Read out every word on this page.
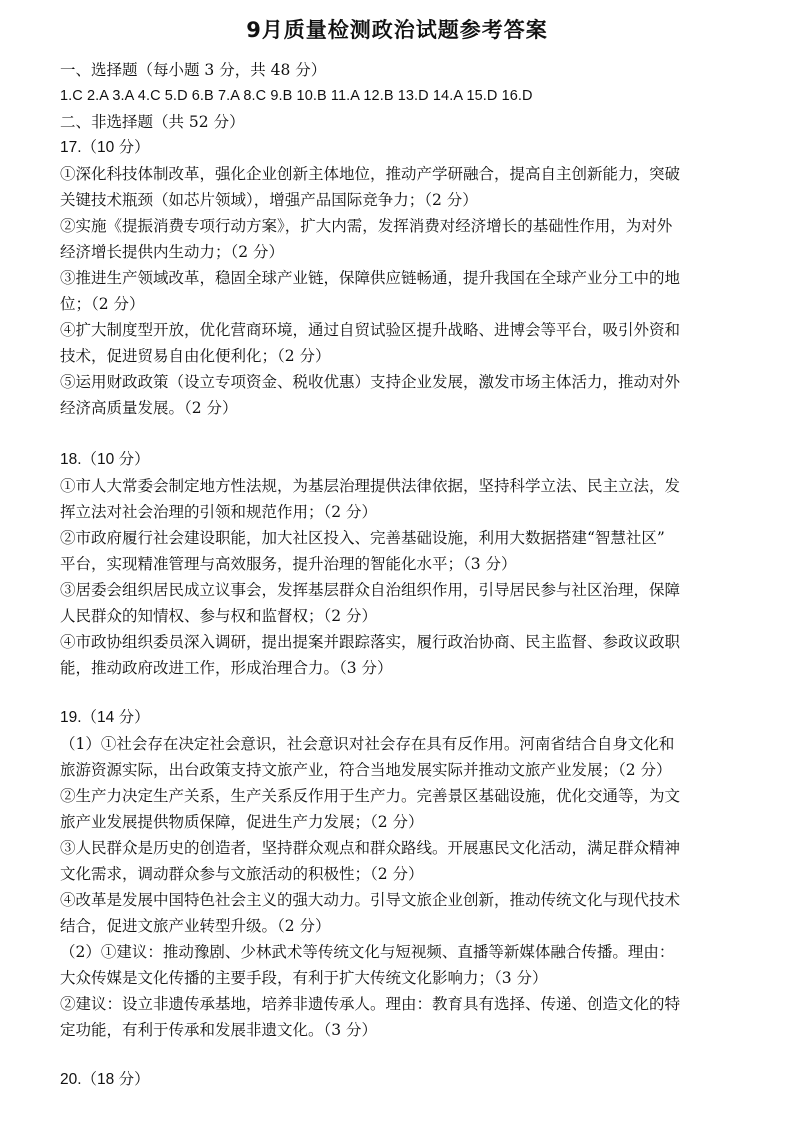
9月质量检测政治试题参考答案
一、选择题（每小题 3 分，共 48 分）
1.C 2.A 3.A 4.C 5.D 6.B 7.A 8.C 9.B 10.B 11.A 12.B 13.D 14.A 15.D 16.D
二、非选择题（共 52 分）
17.（10 分）
①深化科技体制改革，强化企业创新主体地位，推动产学研融合，提高自主创新能力，突破
关键技术瓶颈（如芯片领域），增强产品国际竞争力；（2 分）
②实施《提振消费专项行动方案》，扩大内需，发挥消费对经济增长的基础性作用，为对外
经济增长提供内生动力；（2 分）
③推进生产领域改革，稳固全球产业链，保障供应链畅通，提升我国在全球产业分工中的地
位；（2 分）
④扩大制度型开放，优化营商环境，通过自贸试验区提升战略、进博会等平台，吸引外资和
技术，促进贸易自由化便利化；（2 分）
⑤运用财政政策（设立专项资金、税收优惠）支持企业发展，激发市场主体活力，推动对外
经济高质量发展。（2 分）
18.（10 分）
①市人大常委会制定地方性法规，为基层治理提供法律依据，坚持科学立法、民主立法，发
挥立法对社会治理的引领和规范作用；（2 分）
②市政府履行社会建设职能，加大社区投入、完善基础设施，利用大数据搭建“智慧社区”
平台，实现精准管理与高效服务，提升治理的智能化水平；（3 分）
③居委会组织居民成立议事会，发挥基层群众自治组织作用，引导居民参与社区治理，保障
人民群众的知情权、参与权和监督权；（2 分）
④市政协组织委员深入调研，提出提案并跟踪落实，履行政治协商、民主监督、参政议政职
能，推动政府改进工作，形成治理合力。（3 分）
19.（14 分）
（1）①社会存在决定社会意识，社会意识对社会存在具有反作用。河南省结合自身文化和
旅游资源实际，出台政策支持文旅产业，符合当地发展实际并推动文旅产业发展；（2 分）
②生产力决定生产关系，生产关系反作用于生产力。完善景区基础设施，优化交通等，为文
旅产业发展提供物质保障，促进生产力发展；（2 分）
③人民群众是历史的创造者，坚持群众观点和群众路线。开展惠民文化活动，满足群众精神
文化需求，调动群众参与文旅活动的积极性；（2 分）
④改革是发展中国特色社会主义的强大动力。引导文旅企业创新，推动传统文化与现代技术
结合，促进文旅产业转型升级。（2 分）
（2）①建议：推动豫剧、少林武术等传统文化与短视频、直播等新媒体融合传播。理由：
大众传媒是文化传播的主要手段，有利于扩大传统文化影响力；（3 分）
②建议：设立非遗传承基地，培养非遗传承人。理由：教育具有选择、传递、创造文化的特
定功能，有利于传承和发展非遗文化。（3 分）
20.（18 分）
